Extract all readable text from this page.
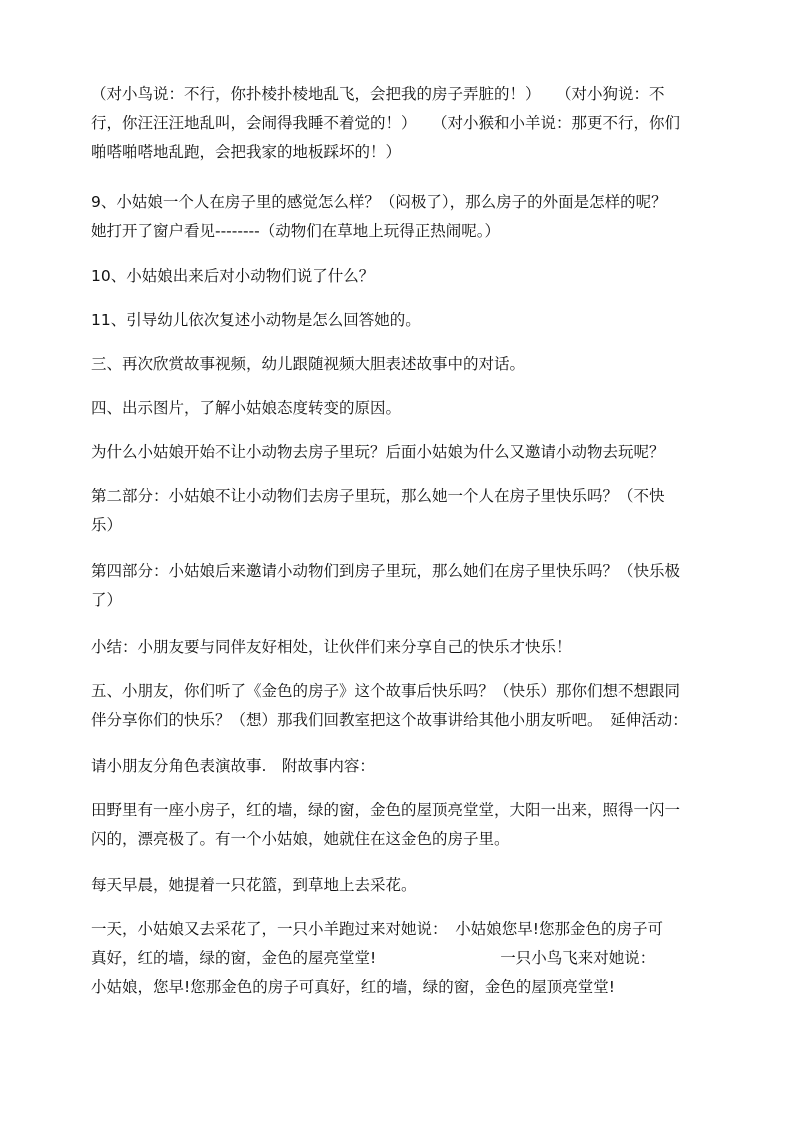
（对小鸟说：不行，你扑棱扑棱地乱飞，会把我的房子弄脏的！）　　（对小狗说：不
行，你汪汪汪地乱叫，会闹得我睡不着觉的！）　　（对小猴和小羊说：那更不行，你们
啪嗒啪嗒地乱跑，会把我家的地板踩坏的！）
9、小姑娘一个人在房子里的感觉怎么样？（闷极了），那么房子的外面是怎样的呢？
她打开了窗户看见--------（动物们在草地上玩得正热闹呢。）
10、小姑娘出来后对小动物们说了什么？
11、引导幼儿依次复述小动物是怎么回答她的。
三、再次欣赏故事视频，幼儿跟随视频大胆表述故事中的对话。
四、出示图片，了解小姑娘态度转变的原因。
为什么小姑娘开始不让小动物去房子里玩？后面小姑娘为什么又邀请小动物去玩呢？
第二部分：小姑娘不让小动物们去房子里玩，那么她一个人在房子里快乐吗？（不快
乐）
第四部分：小姑娘后来邀请小动物们到房子里玩，那么她们在房子里快乐吗？（快乐极
了）
小结：小朋友要与同伴友好相处，让伙伴们来分享自己的快乐才快乐！
五、小朋友，你们听了《金色的房子》这个故事后快乐吗？（快乐）那你们想不想跟同
伴分享你们的快乐？（想）那我们回教室把这个故事讲给其他小朋友听吧。　延伸活动：
请小朋友分角色表演故事.　附故事内容：
田野里有一座小房子，红的墙，绿的窗，金色的屋顶亮堂堂，大阳一出来，照得一闪一
闪的，漂亮极了。有一个小姑娘，她就住在这金色的房子里。
每天早晨，她提着一只花篮，到草地上去采花。
一天，小姑娘又去采花了，一只小羊跑过来对她说：　小姑娘您早!您那金色的房子可
真好，红的墙，绿的窗，金色的屋亮堂堂!　　　　　　　　一只小鸟飞来对她说：
小姑娘，您早!您那金色的房子可真好，红的墙，绿的窗，金色的屋顶亮堂堂!
